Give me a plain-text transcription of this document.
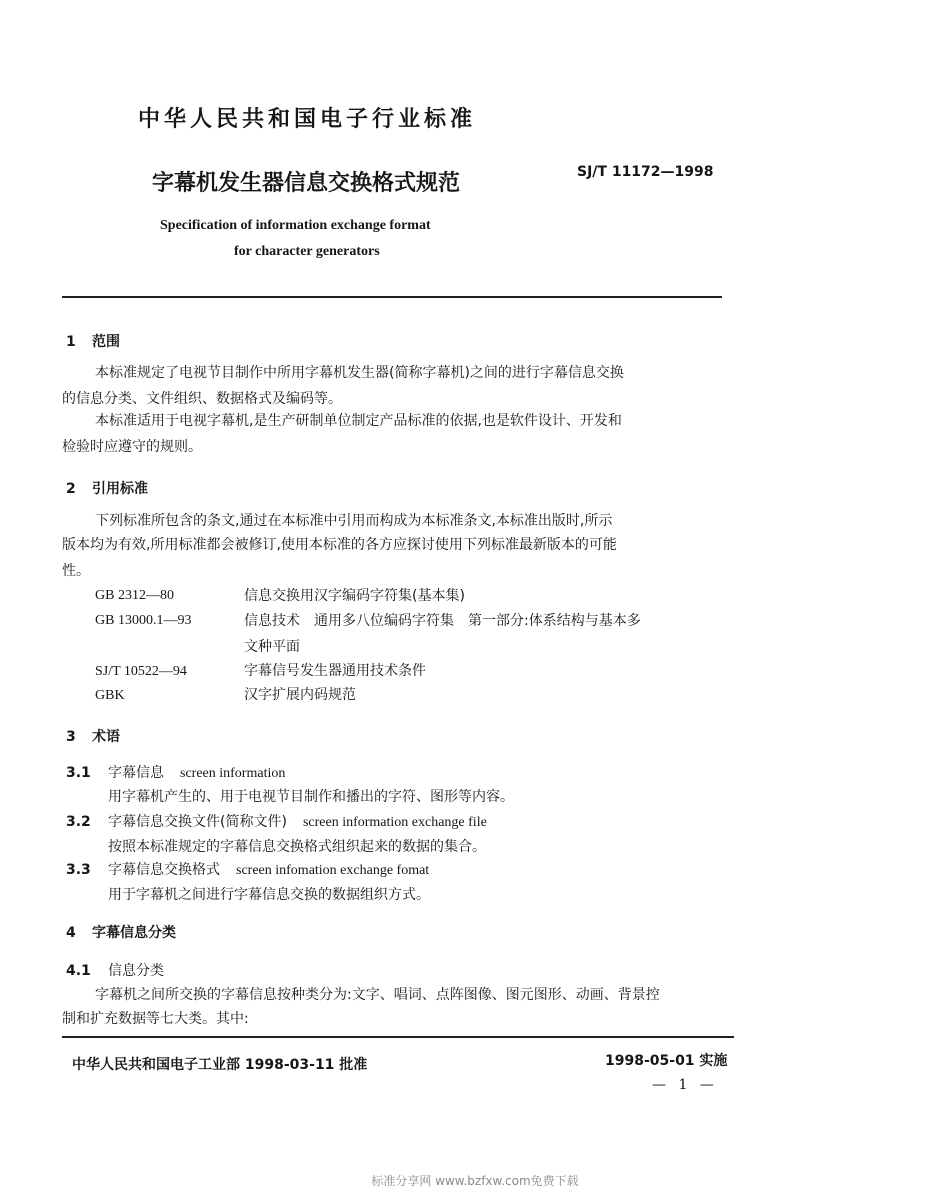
中华人民共和国电子行业标准
字幕机发生器信息交换格式规范	SJ/T 11172—1998
Specification of information exchange format
for character generators
1 范围
本标准规定了电视节目制作中所用字幕机发生器(简称字幕机)之间的进行字幕信息交换
的信息分类、文件组织、数据格式及编码等。
本标准适用于电视字幕机,是生产研制单位制定产品标准的依据,也是软件设计、开发和
检验时应遵守的规则。
2 引用标准
下列标准所包含的条文,通过在本标准中引用而构成为本标准条文,本标准出版时,所示
版本均为有效,所用标准都会被修订,使用本标准的各方应探讨使用下列标准最新版本的可能
性。
GB 2312—80	信息交换用汉字编码字符集(基本集)
GB 13000.1—93	信息技术　通用多八位编码字符集　第一部分:体系结构与基本多
文种平面
SJ/T 10522—94	字幕信号发生器通用技术条件
GBK	汉字扩展内码规范
3 术语
3.1 字幕信息 screen information
用字幕机产生的、用于电视节目制作和播出的字符、图形等内容。
3.2 字幕信息交换文件(简称文件) screen information exchange file
按照本标准规定的字幕信息交换格式组织起来的数据的集合。
3.3 字幕信息交换格式 screen infomation exchange fomat
用于字幕机之间进行字幕信息交换的数据组织方式。
4 字幕信息分类
4.1 信息分类
字幕机之间所交换的字幕信息按种类分为:文字、唱词、点阵图像、图元图形、动画、背景控
制和扩充数据等七大类。其中:
中华人民共和国电子工业部 1998-03-11 批准	1998-05-01 实施
— 1 —
标准分享网 www.bzfxw.com免费下载
